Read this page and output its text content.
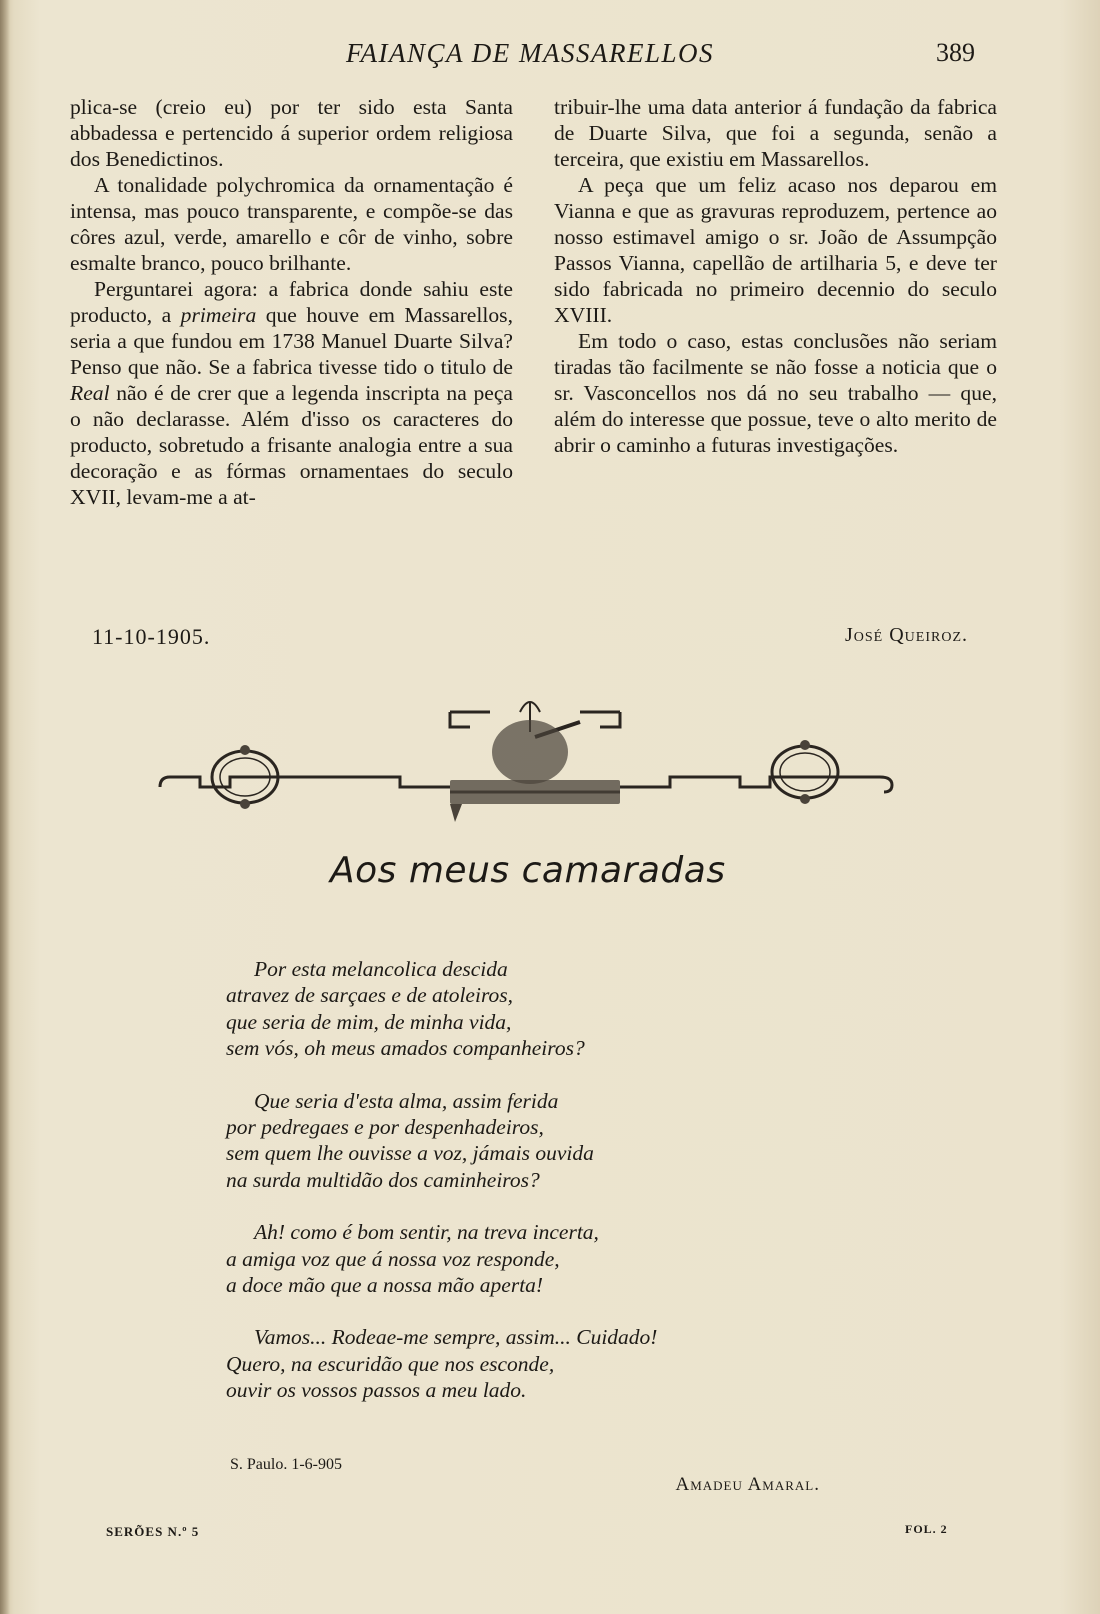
FAIANÇA DE MASSARELLOS	389

plica-se (creio eu) por ter sido esta Santa abbadessa e pertencido á superior ordem religiosa dos Benedictinos.

A tonalidade polychromica da ornamentação é intensa, mas pouco transparente, e compõe-se das côres azul, verde, amarello e côr de vinho, sobre esmalte branco, pouco brilhante.

Perguntarei agora: a fabrica donde sahiu este producto, a primeira que houve em Massarellos, seria a que fundou em 1738 Manuel Duarte Silva? Penso que não. Se a fabrica tivesse tido o titulo de Real não é de crer que a legenda inscripta na peça o não declarasse. Além d'isso os caracteres do producto, sobretudo a frisante analogia entre a sua decoração e as fórmas ornamentaes do seculo XVII, levam-me a at-

tribuir-lhe uma data anterior á fundação da fabrica de Duarte Silva, que foi a segunda, senão a terceira, que existiu em Massarellos.

A peça que um feliz acaso nos deparou em Vianna e que as gravuras reproduzem, pertence ao nosso estimavel amigo o sr. João de Assumpção Passos Vianna, capellão de artilharia 5, e deve ter sido fabricada no primeiro decennio do seculo XVIII.

Em todo o caso, estas conclusões não seriam tiradas tão facilmente se não fosse a noticia que o sr. Vasconcellos nos dá no seu trabalho — que, além do interesse que possue, teve o alto merito de abrir o caminho a futuras investigações.

11-10-1905.	José Queiroz.
Aos meus camaradas
Por esta melancolica descida
atravez de sarçaes e de atoleiros,
que seria de mim, de minha vida,
sem vós, oh meus amados companheiros?
Que seria d'esta alma, assim ferida
por pedregaes e por despenhadeiros,
sem quem lhe ouvisse a voz, jámais ouvida
na surda multidão dos caminheiros?
Ah! como é bom sentir, na treva incerta,
a amiga voz que á nossa voz responde,
a doce mão que a nossa mão aperta!
Vamos... Rodeae-me sempre, assim... Cuidado!
Quero, na escuridão que nos esconde,
ouvir os vossos passos a meu lado.
S. Paulo. 1-6-905
Amadeu Amaral.
SERÕES N.º 5	FOL. 2
